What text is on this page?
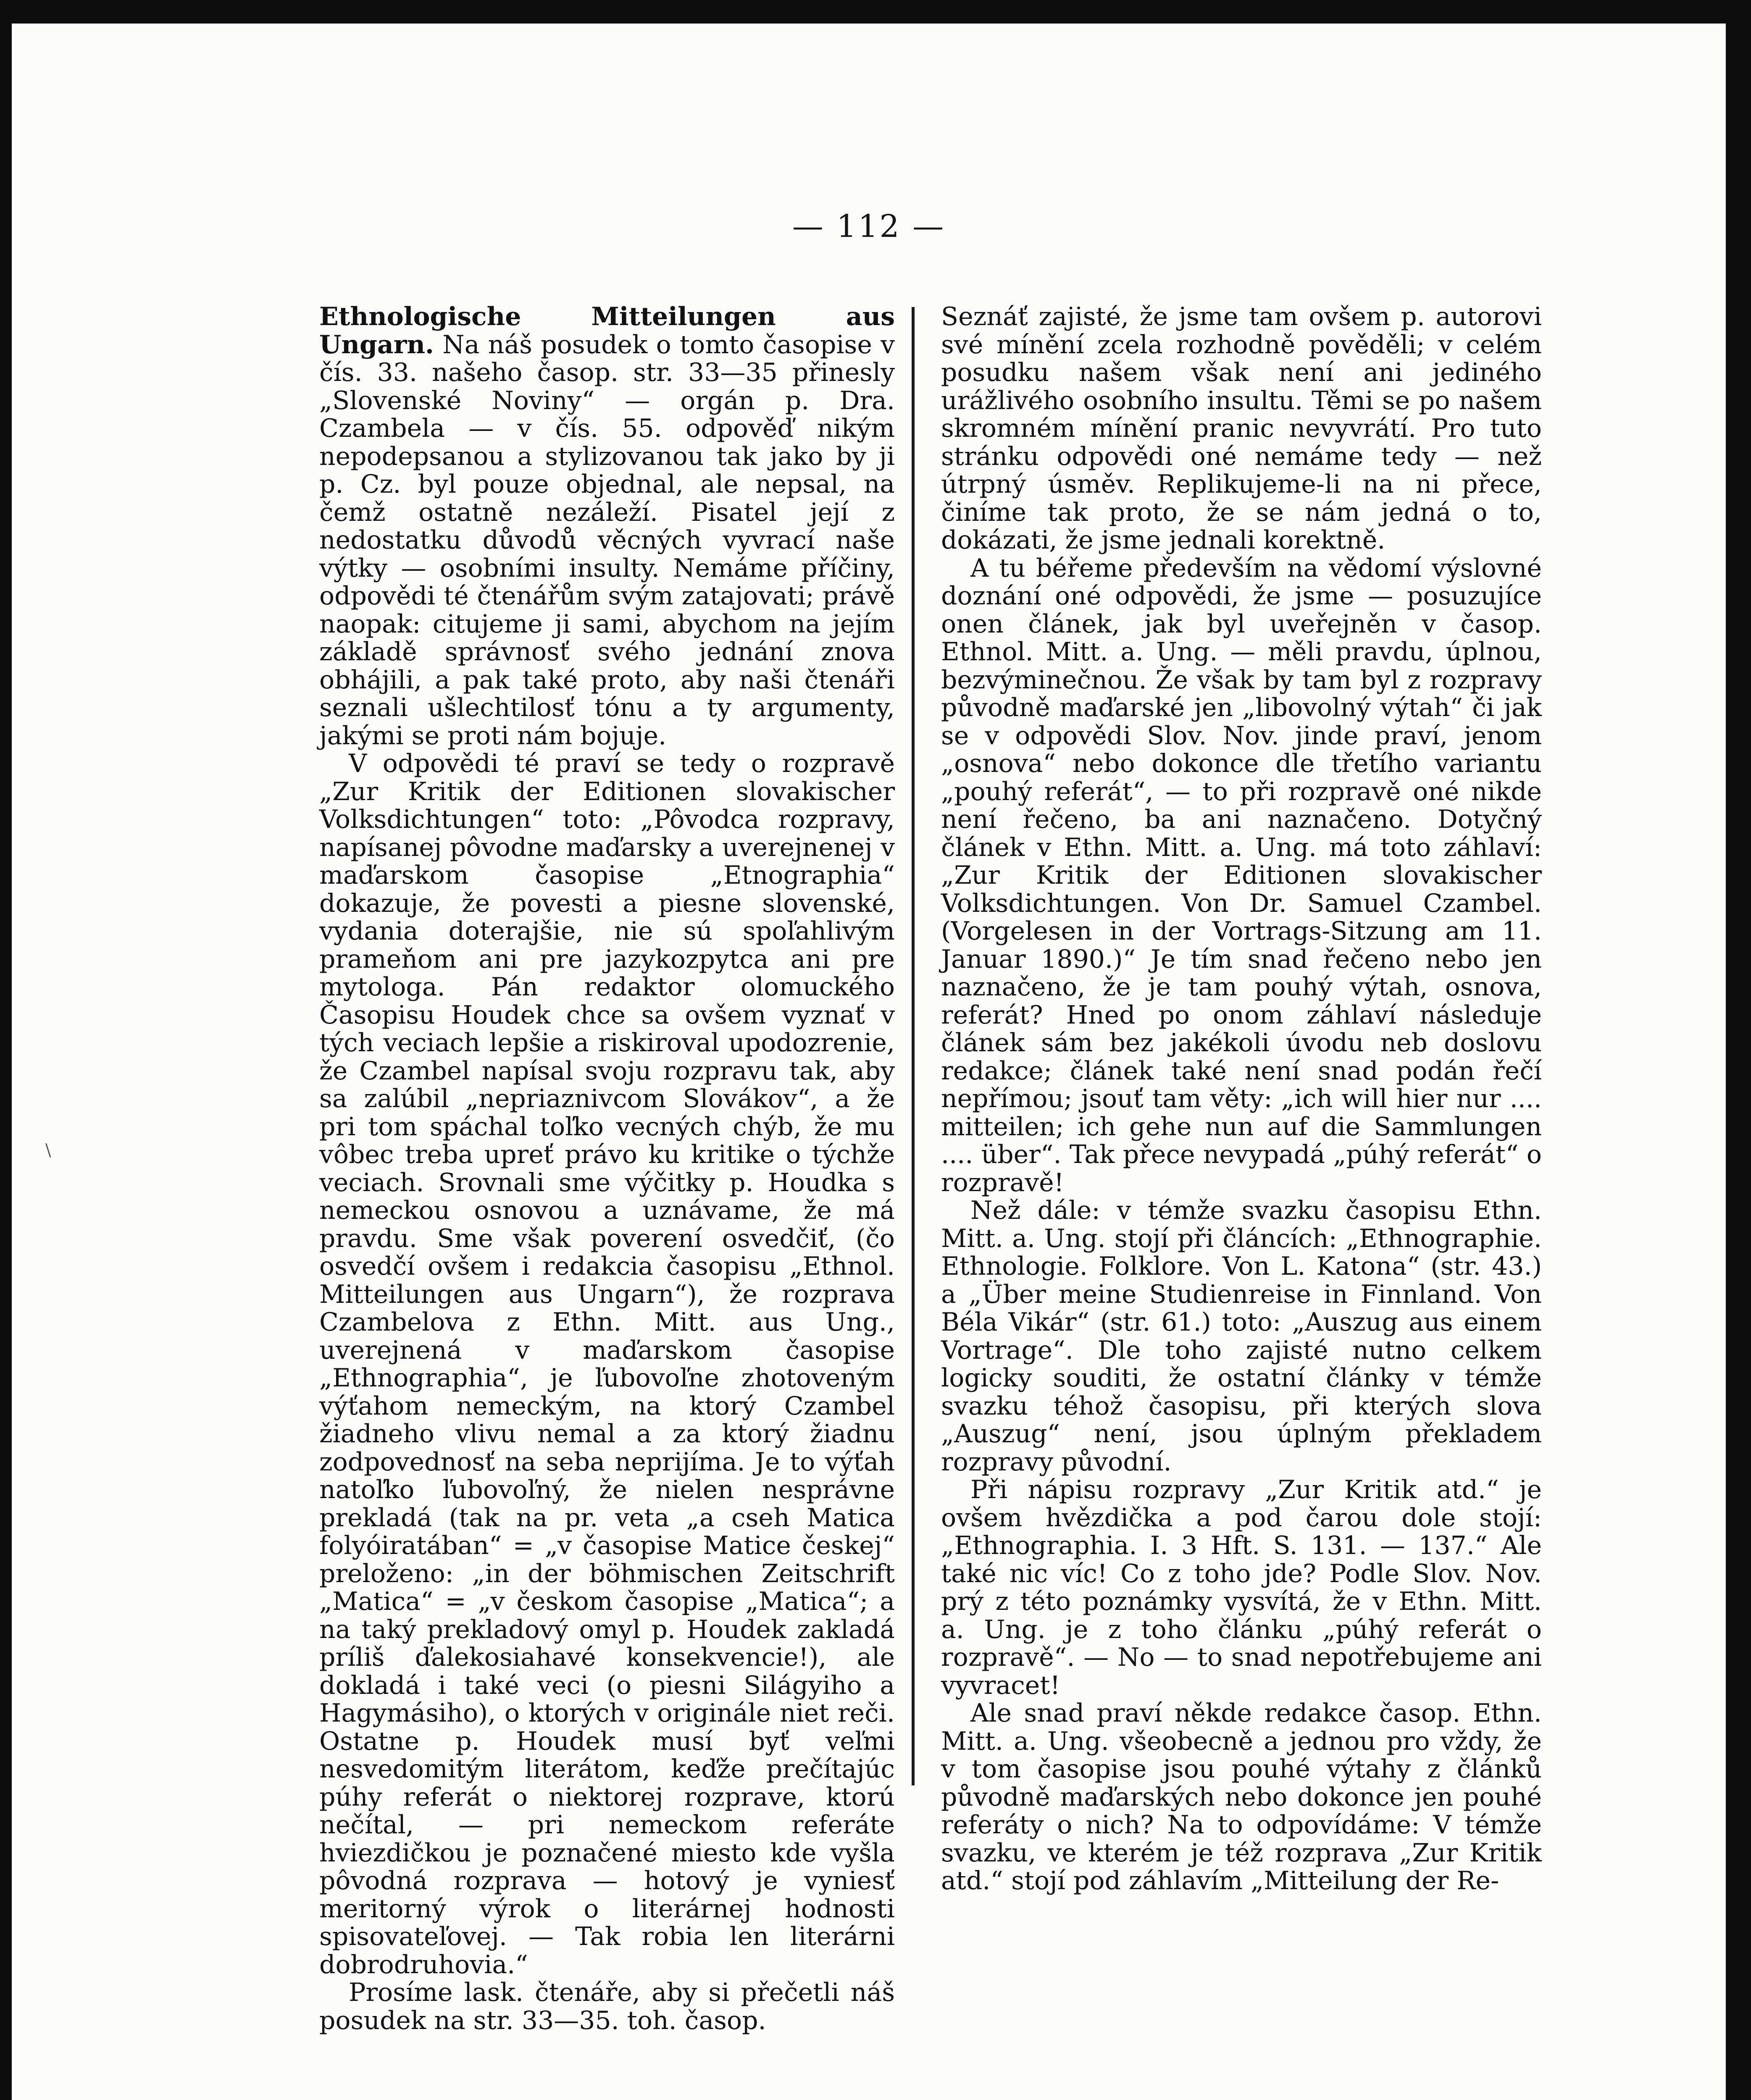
— 112 —

Ethnologische Mitteilungen aus Ungarn. Na náš posudek o tomto časopise v čís. 33. našeho časop. str. 33—35 přinesly „Slovenské Noviny“ — orgán p. Dra. Czambela — v čís. 55. odpověď nikým nepodepsanou a stylizovanou tak jako by ji p. Cz. byl pouze objednal, ale nepsal, na čemž ostatně nezáleží. Pisatel její z nedostatku důvodů věcných vyvrací naše výtky — osobními insulty. Nemáme příčiny, odpovědi té čtenářům svým zatajovati; právě naopak: citujeme ji sami, abychom na jejím základě správnosť svého jednání znova obhájili, a pak také proto, aby naši čtenáři seznali ušlechtilosť tónu a ty argumenty, jakými se proti nám bojuje.

V odpovědi té praví se tedy o rozpravě „Zur Kritik der Editionen slovakischer Volksdichtungen“ toto: „Pôvodca rozpravy, napísanej pôvodne maďarsky a uverejnenej v maďarskom časopise „Etnographia“ dokazuje, že povesti a piesne slovenské, vydania doterajšie, nie sú spoľahlivým prameňom ani pre jazykozpytca ani pre mytologa. Pán redaktor olomuckého Časopisu Houdek chce sa ovšem vyznať v tých veciach lepšie a riskiroval upodozrenie, že Czambel napísal svoju rozpravu tak, aby sa zalúbil „nepriaznivcom Slovákov“, a že pri tom spáchal toľko vecných chýb, že mu vôbec treba upreť právo ku kritike o týchže veciach. Srovnali sme výčitky p. Houdka s nemeckou osnovou a uznávame, že má pravdu. Sme však poverení osvedčiť, (čo osvedčí ovšem i redakcia časopisu „Ethnol. Mitteilungen aus Ungarn“), že rozprava Czambelova z Ethn. Mitt. aus Ung., uverejnená v maďarskom časopise „Ethnographia“, je ľubovoľne zhotoveným výťahom nemeckým, na ktorý Czambel žiadneho vlivu nemal a za ktorý žiadnu zodpovednosť na seba neprijíma. Je to výťah natoľko ľubovoľný, že nielen nesprávne prekladá (tak na pr. veta „a cseh Matica folyóiratában“ = „v časopise Matice českej“ preloženo: „in der böhmischen Zeitschrift „Matica“ = „v českom časopise „Matica“; a na taký prekladový omyl p. Houdek zakladá príliš ďalekosiahavé konsekvencie!), ale dokladá i také veci (o piesni Silágyiho a Hagymásiho), o ktorých v originále niet reči. Ostatne p. Houdek musí byť veľmi nesvedomitým literátom, keďže prečítajúc púhy referát o niektorej rozprave, ktorú nečítal, — pri nemeckom referáte hviezdičkou je poznačené miesto kde vyšla pôvodná rozprava — hotový je vyniesť meritorný výrok o literárnej hodnosti spisovateľovej. — Tak robia len literárni dobrodruhovia.“

Prosíme lask. čtenáře, aby si přečetli náš posudek na str. 33—35. toh. časop.

Seznáť zajisté, že jsme tam ovšem p. autorovi své mínění zcela rozhodně pověděli; v celém posudku našem však není ani jediného urážlivého osobního insultu. Těmi se po našem skromném mínění pranic nevyvrátí. Pro tuto stránku odpovědi oné nemáme tedy — než útrpný úsměv. Replikujeme-li na ni přece, činíme tak proto, že se nám jedná o to, dokázati, že jsme jednali korektně.

A tu béřeme především na vědomí výslovné doznání oné odpovědi, že jsme — posuzujíce onen článek, jak byl uveřejněn v časop. Ethnol. Mitt. a. Ung. — měli pravdu, úplnou, bezvýminečnou. Že však by tam byl z rozpravy původně maďarské jen „libovolný výtah“ či jak se v odpovědi Slov. Nov. jinde praví, jenom „osnova“ nebo dokonce dle třetího variantu „pouhý referát“, — to při rozpravě oné nikde není řečeno, ba ani naznačeno. Dotyčný článek v Ethn. Mitt. a. Ung. má toto záhlaví: „Zur Kritik der Editionen slovakischer Volksdichtungen. Von Dr. Samuel Czambel. (Vorgelesen in der Vortrags-Sitzung am 11. Januar 1890.)“ Je tím snad řečeno nebo jen naznačeno, že je tam pouhý výtah, osnova, referát? Hned po onom záhlaví následuje článek sám bez jakékoli úvodu neb doslovu redakce; článek také není snad podán řečí nepřímou; jsouť tam věty: „ich will hier nur .... mitteilen; ich gehe nun auf die Sammlungen .... über“. Tak přece nevypadá „púhý referát“ o rozpravě!

Než dále: v témže svazku časopisu Ethn. Mitt. a. Ung. stojí při článcích: „Ethnographie. Ethnologie. Folklore. Von L. Katona“ (str. 43.) a „Über meine Studienreise in Finnland. Von Béla Vikár“ (str. 61.) toto: „Auszug aus einem Vortrage“. Dle toho zajisté nutno celkem logicky souditi, že ostatní články v témže svazku téhož časopisu, při kterých slova „Auszug“ není, jsou úplným překladem rozpravy původní.

Při nápisu rozpravy „Zur Kritik atd.“ je ovšem hvězdička a pod čarou dole stojí: „Ethnographia. I. 3 Hft. S. 131. — 137.“ Ale také nic víc! Co z toho jde? Podle Slov. Nov. prý z této poznámky vysvítá, že v Ethn. Mitt. a. Ung. je z toho článku „púhý referát o rozpravě“. — No — to snad nepotřebujeme ani vyvracet!

Ale snad praví někde redakce časop. Ethn. Mitt. a. Ung. všeobecně a jednou pro vždy, že v tom časopise jsou pouhé výtahy z článků původně maďarských nebo dokonce jen pouhé referáty o nich? Na to odpovídáme: V témže svazku, ve kterém je též rozprava „Zur Kritik atd.“ stojí pod záhlavím „Mitteilung der Re-

\
